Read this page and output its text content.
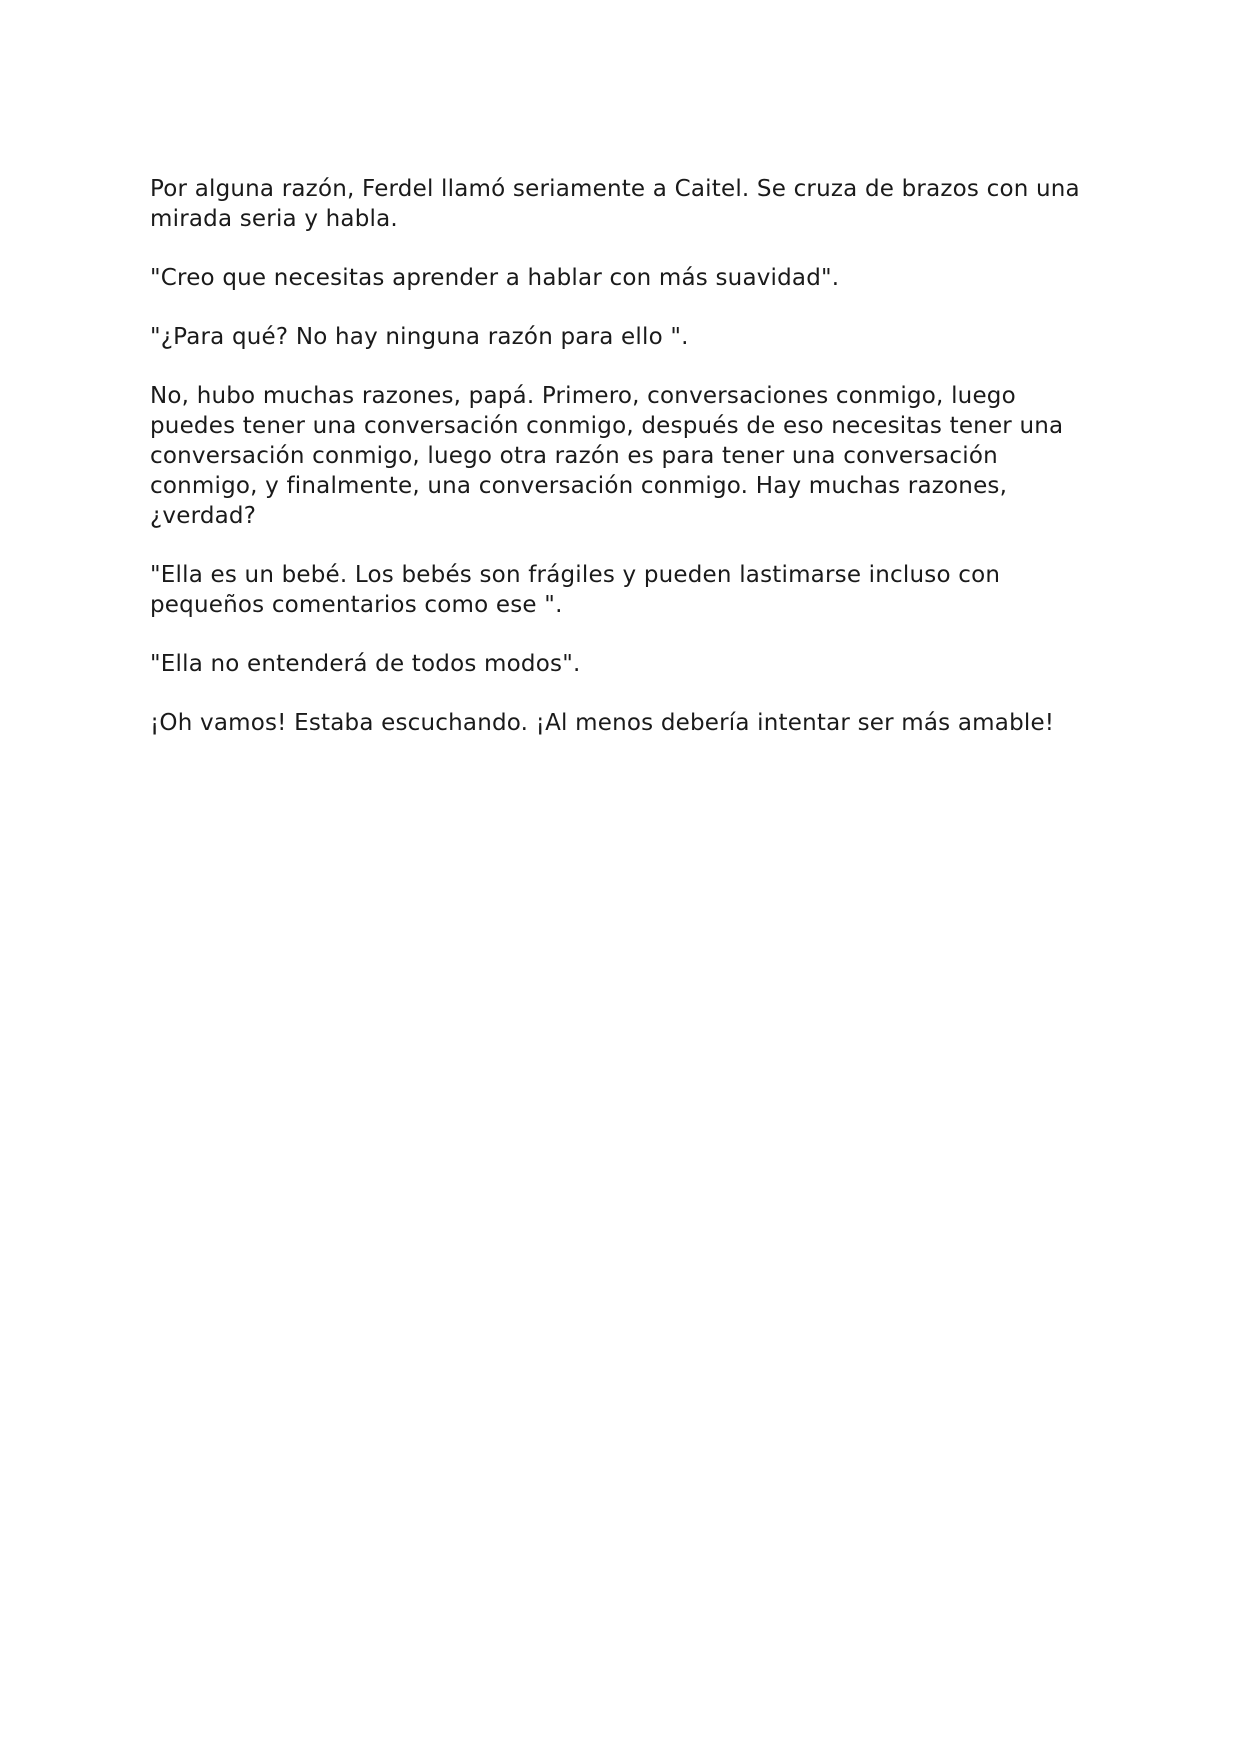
Por alguna razón, Ferdel llamó seriamente a Caitel. Se cruza de brazos con una mirada seria y habla.

"Creo que necesitas aprender a hablar con más suavidad".

"¿Para qué? No hay ninguna razón para ello ".

No, hubo muchas razones, papá. Primero, conversaciones conmigo, luego puedes tener una conversación conmigo, después de eso necesitas tener una conversación conmigo, luego otra razón es para tener una conversación conmigo, y finalmente, una conversación conmigo. Hay muchas razones, ¿verdad?

"Ella es un bebé. Los bebés son frágiles y pueden lastimarse incluso con pequeños comentarios como ese ".

"Ella no entenderá de todos modos".

¡Oh vamos! Estaba escuchando. ¡Al menos debería intentar ser más amable!
